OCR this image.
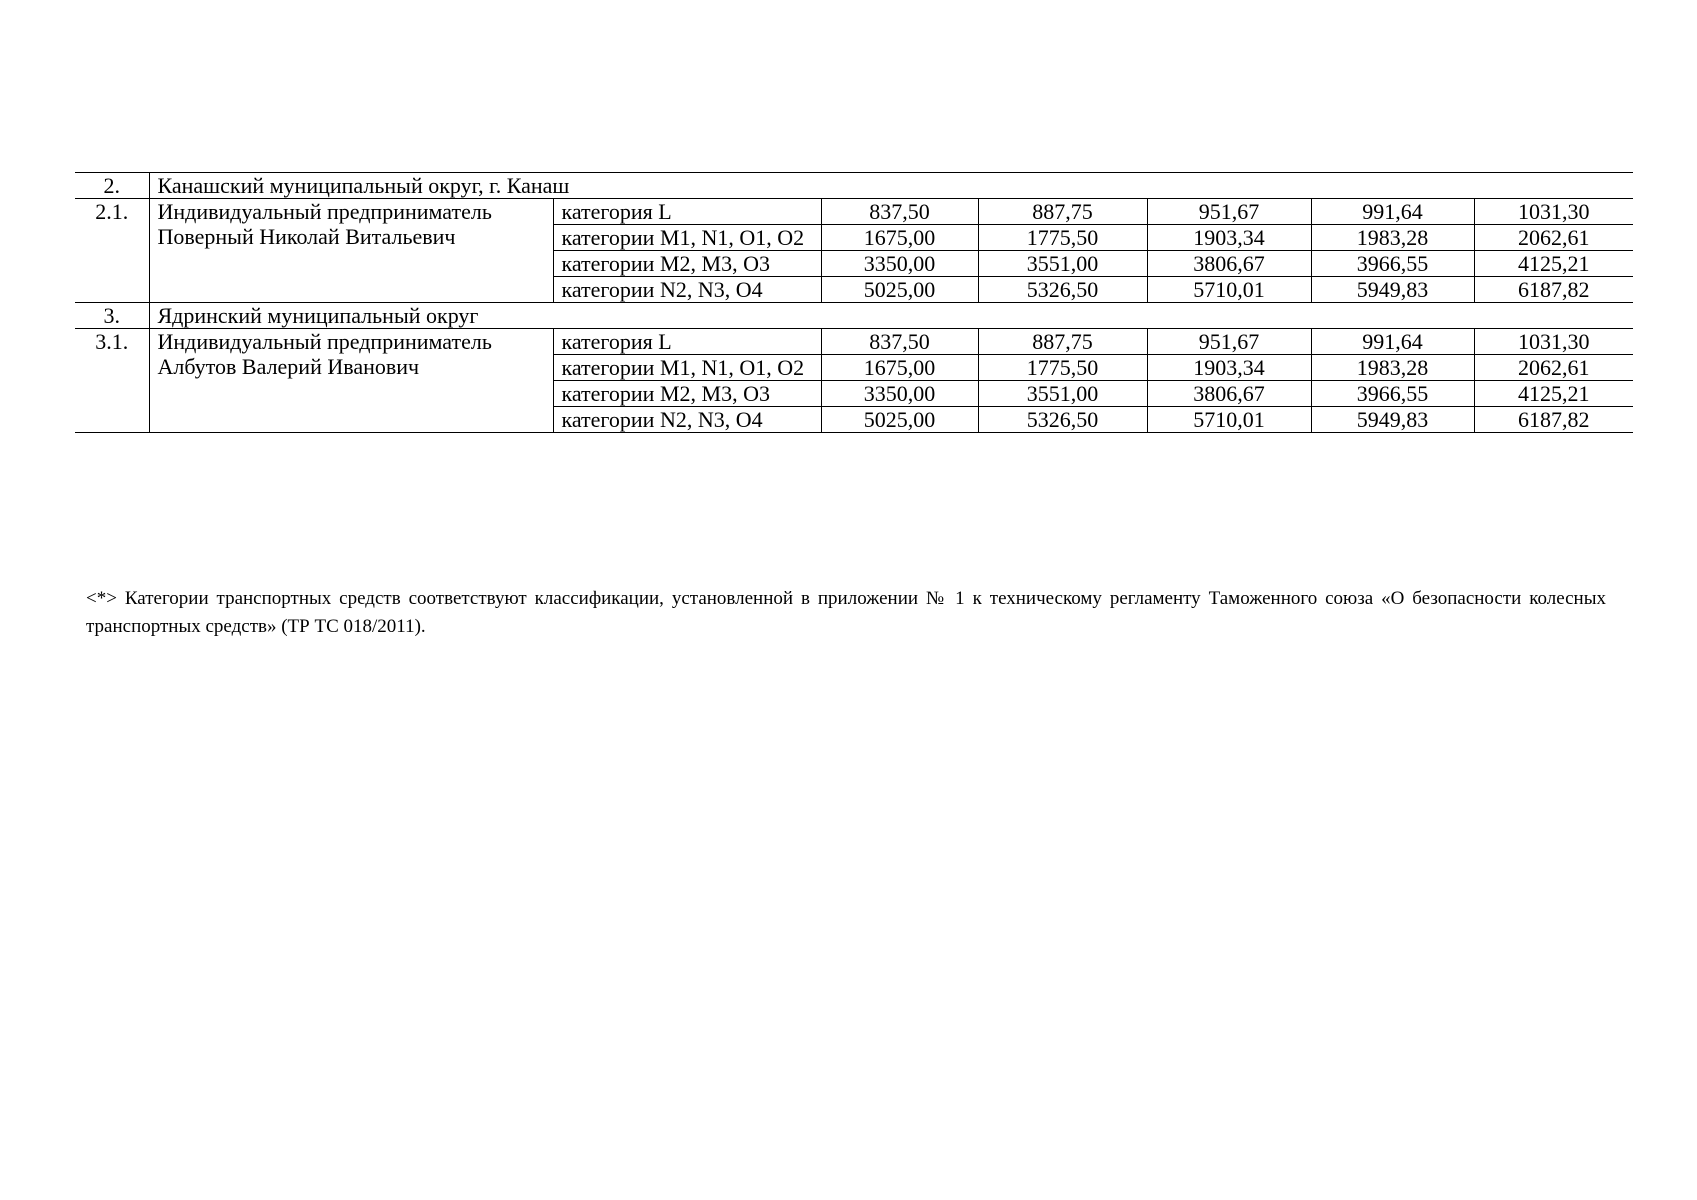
2.	Канашский муниципальный округ, г. Канаш						
2.1.	Индивидуальный предприниматель Поверный Николай Витальевич	категория L	837,50	887,75	951,67	991,64	1031,30
		категории M1, N1, O1, O2	1675,00	1775,50	1903,34	1983,28	2062,61
		категории M2, M3, O3	3350,00	3551,00	3806,67	3966,55	4125,21
		категории N2, N3, O4	5025,00	5326,50	5710,01	5949,83	6187,82
3.	Ядринский муниципальный округ						
3.1.	Индивидуальный предприниматель Албутов Валерий Иванович	категория L	837,50	887,75	951,67	991,64	1031,30
		категории M1, N1, O1, O2	1675,00	1775,50	1903,34	1983,28	2062,61
		категории M2, M3, O3	3350,00	3551,00	3806,67	3966,55	4125,21
		категории N2, N3, O4	5025,00	5326,50	5710,01	5949,83	6187,82

<*> Категории транспортных средств соответствуют классификации, установленной в приложении № 1 к техническому регламенту Таможенного союза «О безопасности колесных транспортных средств» (ТР ТС 018/2011).
